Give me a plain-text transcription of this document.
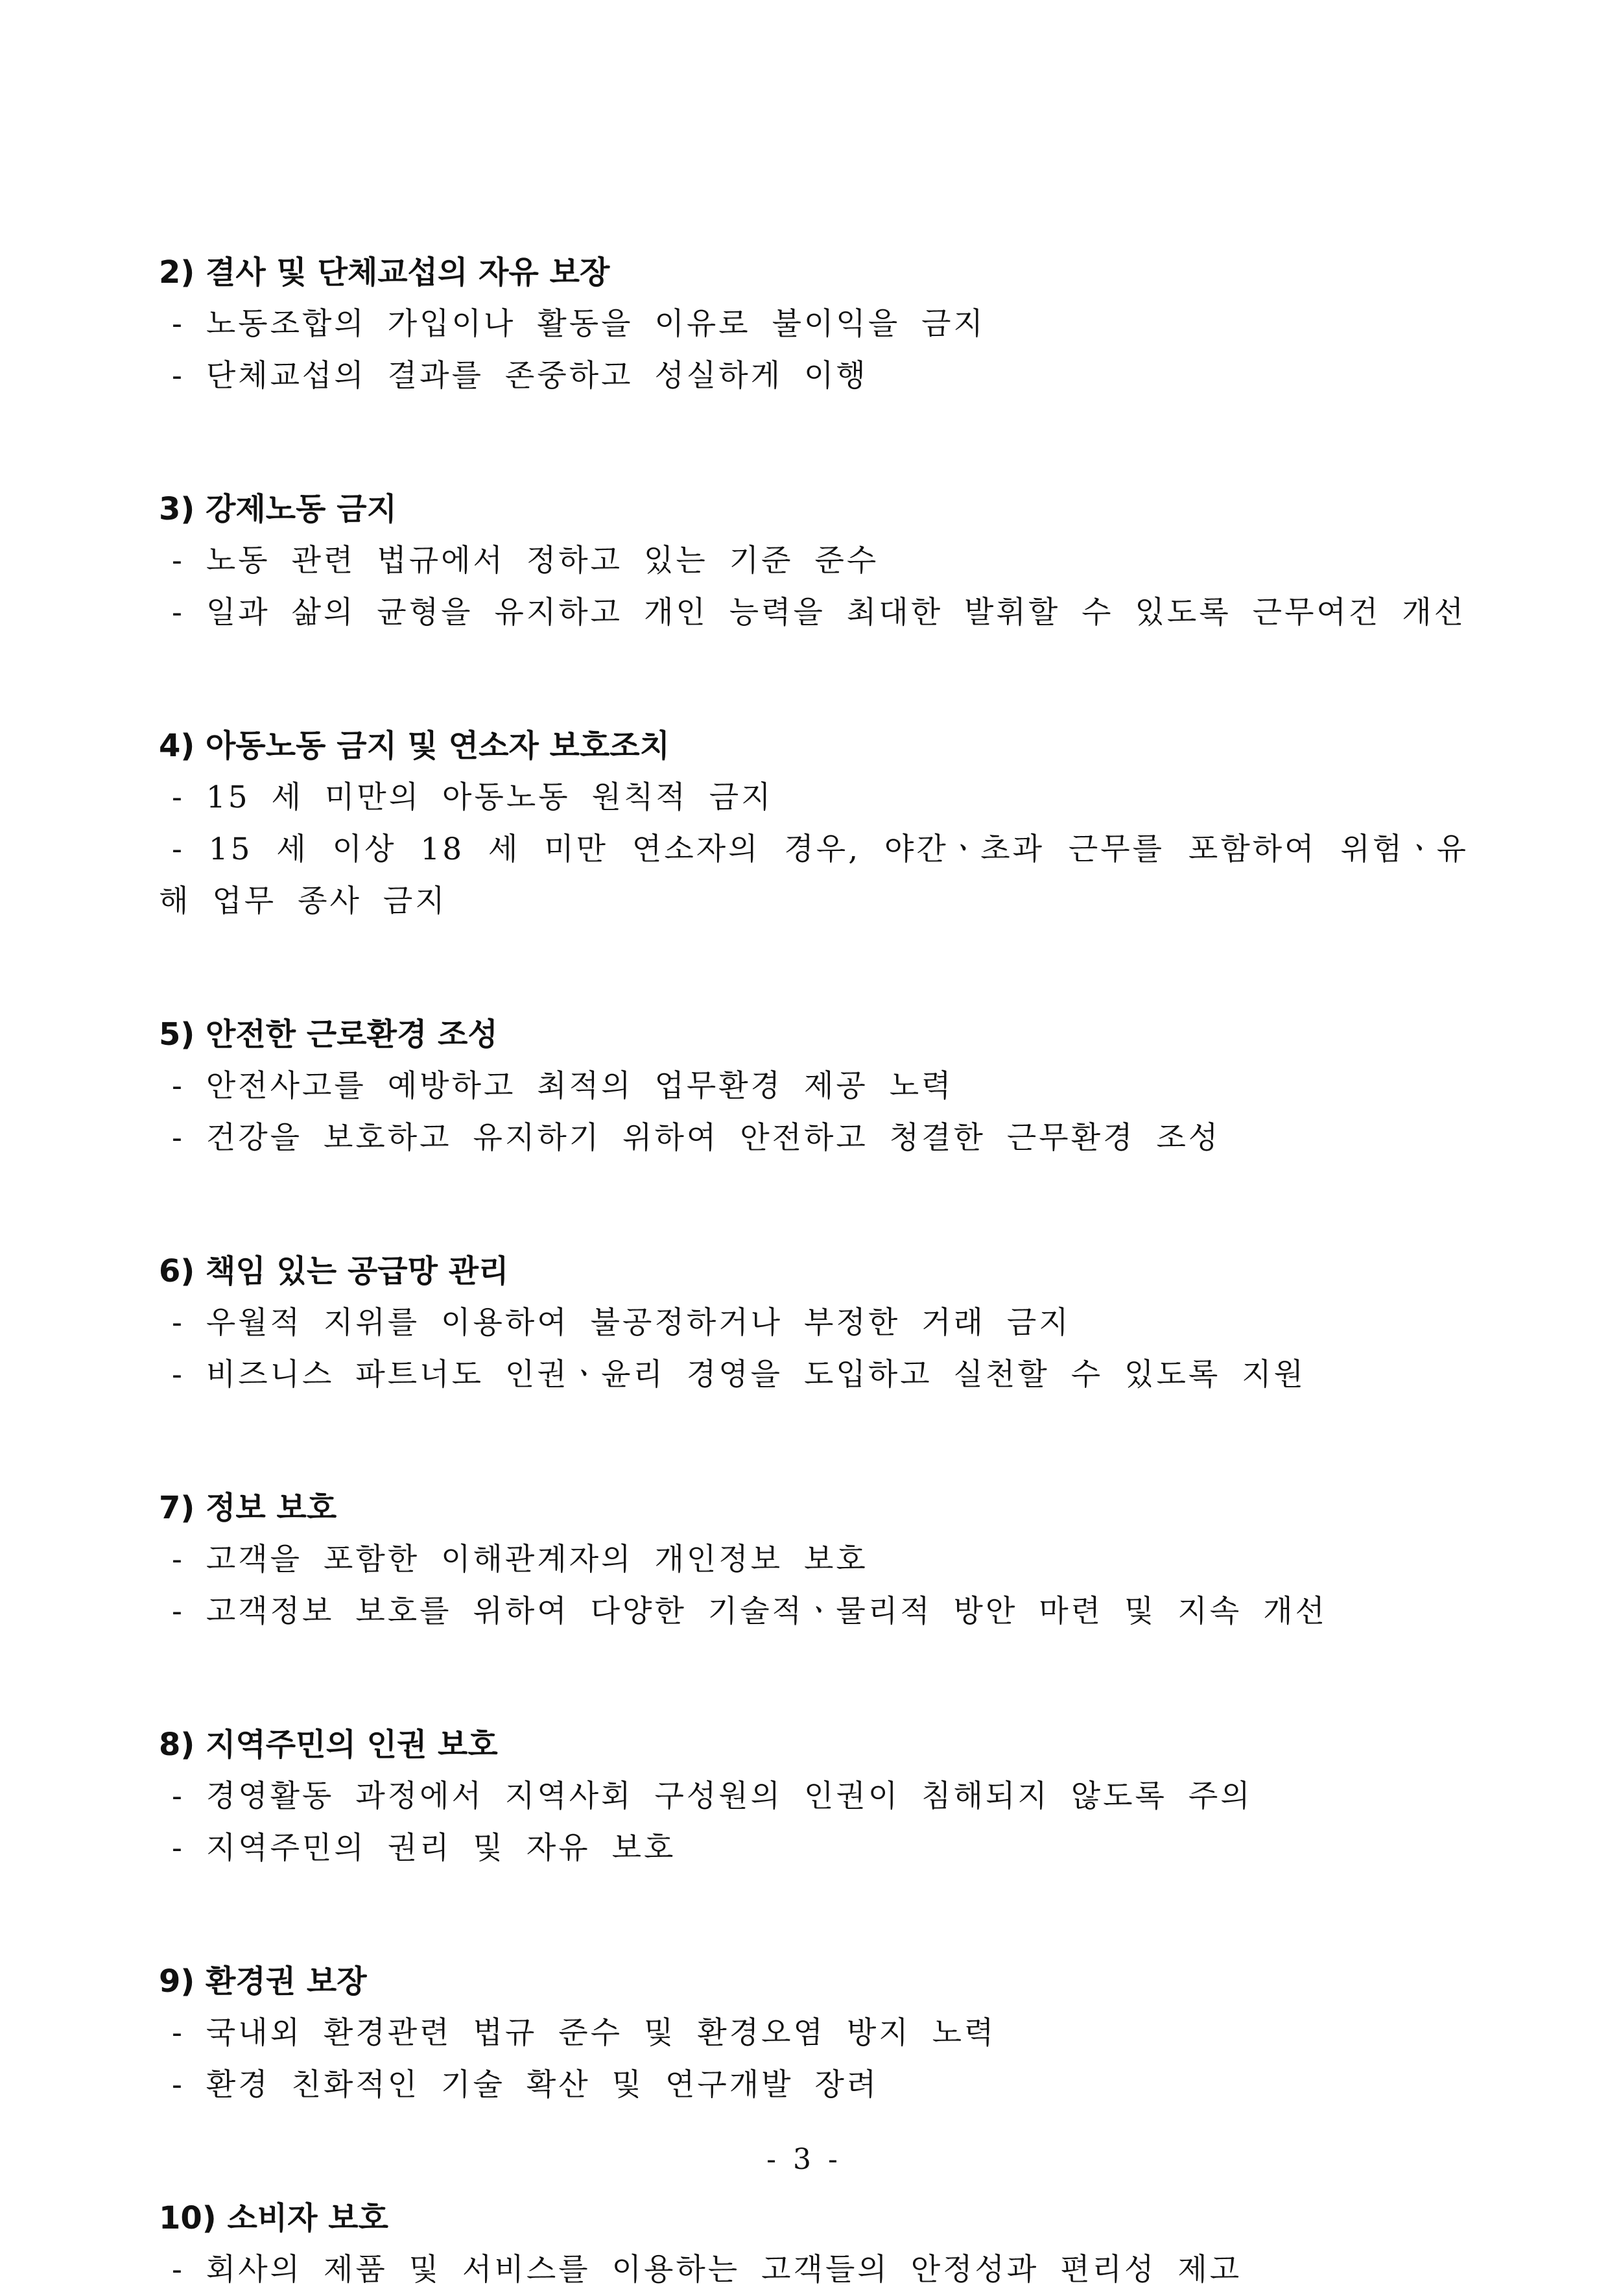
2) 결사 및 단체교섭의 자유 보장
- 노동조합의 가입이나 활동을 이유로 불이익을 금지
- 단체교섭의 결과를 존중하고 성실하게 이행
3) 강제노동 금지
- 노동 관련 법규에서 정하고 있는 기준 준수
- 일과 삶의 균형을 유지하고 개인 능력을 최대한 발휘할 수 있도록 근무여건 개선
4) 아동노동 금지 및 연소자 보호조치
- 15 세 미만의 아동노동 원칙적 금지
- 15 세 이상 18 세 미만 연소자의 경우, 야간ㆍ초과 근무를 포함하여 위험ㆍ유해 업무 종사 금지
5) 안전한 근로환경 조성
- 안전사고를 예방하고 최적의 업무환경 제공 노력
- 건강을 보호하고 유지하기 위하여 안전하고 청결한 근무환경 조성
6) 책임 있는 공급망 관리
- 우월적 지위를 이용하여 불공정하거나 부정한 거래 금지
- 비즈니스 파트너도 인권ㆍ윤리 경영을 도입하고 실천할 수 있도록 지원
7) 정보 보호
- 고객을 포함한 이해관계자의 개인정보 보호
- 고객정보 보호를 위하여 다양한 기술적ㆍ물리적 방안 마련 및 지속 개선
8) 지역주민의 인권 보호
- 경영활동 과정에서 지역사회 구성원의 인권이 침해되지 않도록 주의
- 지역주민의 권리 및 자유 보호
9) 환경권 보장
- 국내외 환경관련 법규 준수 및 환경오염 방지 노력
- 환경 친화적인 기술 확산 및 연구개발 장려
10) 소비자 보호
- 회사의 제품 및 서비스를 이용하는 고객들의 안정성과 편리성 제고
- 3 -
